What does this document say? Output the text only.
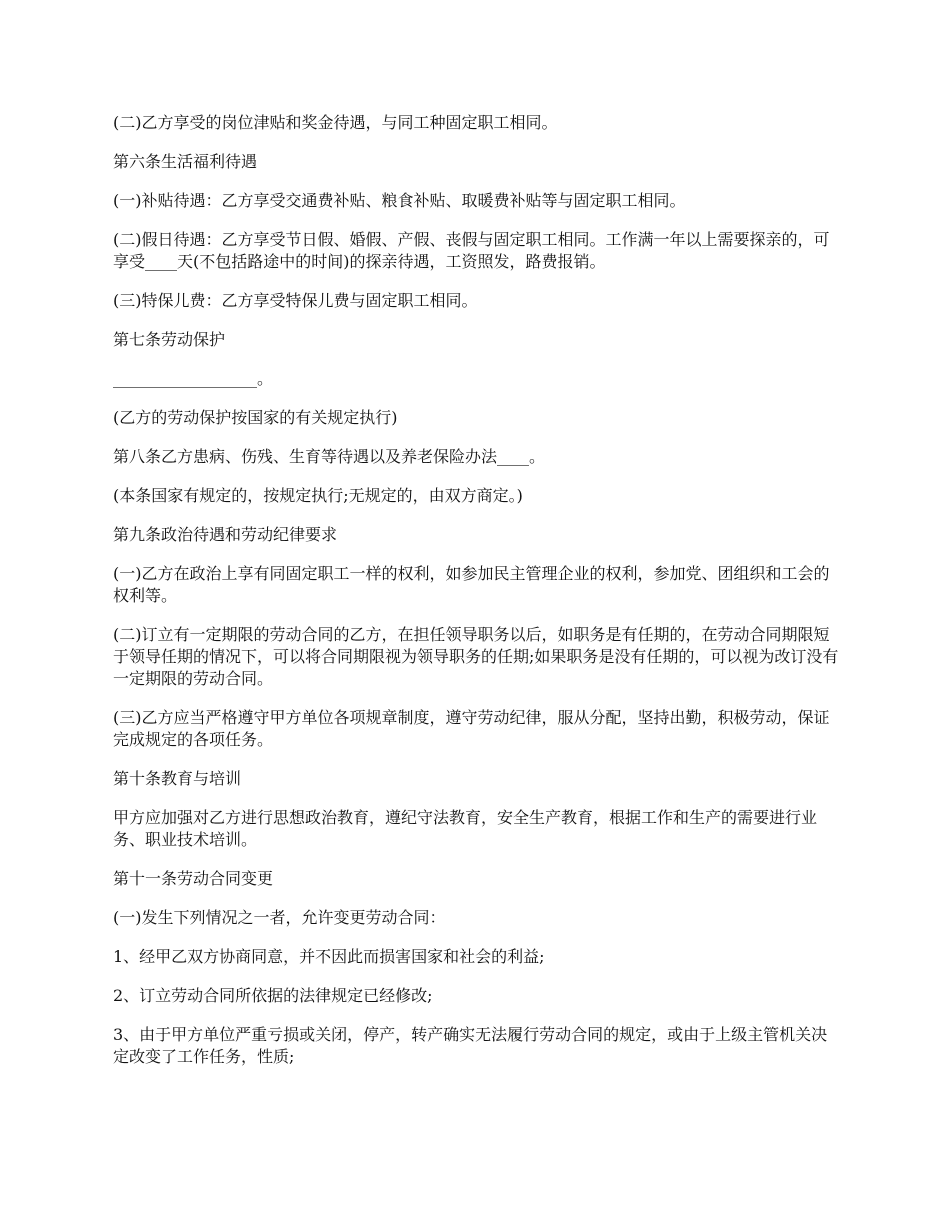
(二)乙方享受的岗位津贴和奖金待遇，与同工种固定职工相同。

第六条生活福利待遇

(一)补贴待遇：乙方享受交通费补贴、粮食补贴、取暖费补贴等与固定职工相同。

(二)假日待遇：乙方享受节日假、婚假、产假、丧假与固定职工相同。工作满一年以上需要探亲的，可享受____天(不包括路途中的时间)的探亲待遇，工资照发，路费报销。

(三)特保儿费：乙方享受特保儿费与固定职工相同。

第七条劳动保护

__________________。

(乙方的劳动保护按国家的有关规定执行)

第八条乙方患病、伤残、生育等待遇以及养老保险办法____。

(本条国家有规定的，按规定执行;无规定的，由双方商定。)

第九条政治待遇和劳动纪律要求

(一)乙方在政治上享有同固定职工一样的权利，如参加民主管理企业的权利，参加党、团组织和工会的权利等。

(二)订立有一定期限的劳动合同的乙方，在担任领导职务以后，如职务是有任期的，在劳动合同期限短于领导任期的情况下，可以将合同期限视为领导职务的任期;如果职务是没有任期的，可以视为改订没有一定期限的劳动合同。

(三)乙方应当严格遵守甲方单位各项规章制度，遵守劳动纪律，服从分配，坚持出勤，积极劳动，保证完成规定的各项任务。

第十条教育与培训

甲方应加强对乙方进行思想政治教育，遵纪守法教育，安全生产教育，根据工作和生产的需要进行业务、职业技术培训。

第十一条劳动合同变更

(一)发生下列情况之一者，允许变更劳动合同：

1、经甲乙双方协商同意，并不因此而损害国家和社会的利益;

2、订立劳动合同所依据的法律规定已经修改;

3、由于甲方单位严重亏损或关闭，停产，转产确实无法履行劳动合同的规定，或由于上级主管机关决定改变了工作任务，性质;
